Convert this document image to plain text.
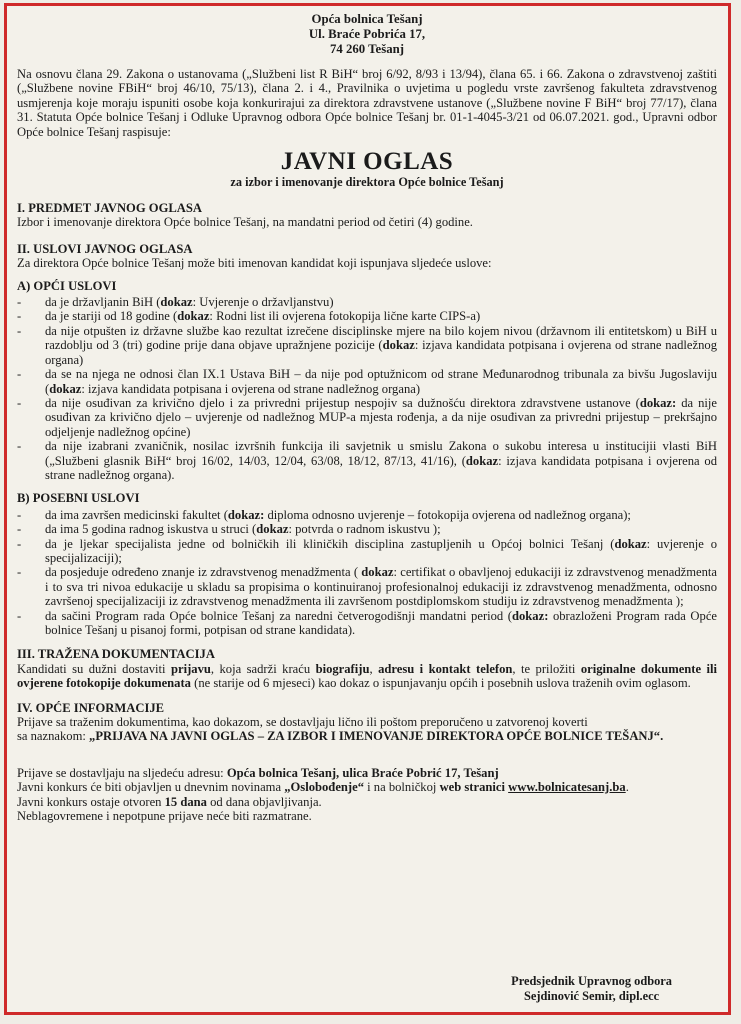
Opća bolnica Tešanj
Ul. Braće Pobrića 17,
74 260 Tešanj
Na osnovu člana 29. Zakona o ustanovama („Službeni list R BiH“ broj 6/92, 8/93 i 13/94), člana 65. i 66. Zakona o zdravstvenoj zaštiti („Službene novine FBiH“ broj 46/10, 75/13), člana 2. i 4., Pravilnika o uvjetima u pogledu vrste završenog fakulteta zdravstvenog usmjerenja koje moraju ispuniti osobe koja konkurirajui za direktora zdravstvene ustanove („Službene novine F BiH“ broj 77/17), člana 31. Statuta Opće bolnice Tešanj i Odluke Upravnog odbora Opće bolnice Tešanj br. 01-1-4045-3/21 od 06.07.2021. god., Upravni odbor Opće bolnice Tešanj raspisuje:
JAVNI OGLAS
za izbor i imenovanje direktora Opće bolnice Tešanj
I. PREDMET JAVNOG OGLASA
Izbor i imenovanje direktora Opće bolnice Tešanj, na mandatni period od četiri (4) godine.
II. USLOVI JAVNOG OGLASA
Za direktora Opće bolnice Tešanj može biti imenovan kandidat koji ispunjava sljedeće uslove:
A) OPĆI USLOVI
- da je državljanin BiH (dokaz: Uvjerenje o državljanstvu)
- da je stariji od 18 godine (dokaz: Rodni list ili ovjerena fotokopija lične karte CIPS-a)
- da nije otpušten iz državne službe kao rezultat izrečene disciplinske mjere na bilo kojem nivou (državnom ili entitetskom) u BiH u razdoblju od 3 (tri) godine prije dana objave upražnjene pozicije (dokaz: izjava kandidata potpisana i ovjerena od strane nadležnog organa)
- da se na njega ne odnosi član IX.1 Ustava BiH – da nije pod optužnicom od strane Međunarodnog tribunala za bivšu Jugoslaviju (dokaz: izjava kandidata potpisana i ovjerena od strane nadležnog organa)
- da nije osuđivan za krivično djelo i za privredni prijestup nespojiv sa dužnošću direktora zdravstvene ustanove (dokaz: da nije osuđivan za krivično djelo – uvjerenje od nadležnog MUP-a mjesta rođenja, a da nije osuđivan za privredni prijestup – prekršajno odjeljenje nadležnog općine)
- da nije izabrani zvaničnik, nosilac izvršnih funkcija ili savjetnik u smislu Zakona o sukobu interesa u institucijii vlasti BiH („Službeni glasnik BiH“ broj 16/02, 14/03, 12/04, 63/08, 18/12, 87/13, 41/16), (dokaz: izjava kandidata potpisana i ovjerena od strane nadležnog organa).
B) POSEBNI USLOVI
- da ima završen medicinski fakultet (dokaz: diploma odnosno uvjerenje – fotokopija ovjerena od nadležnog organa);
- da ima 5 godina radnog iskustva u struci (dokaz: potvrda o radnom iskustvu );
- da je ljekar specijalista jedne od bolničkih ili kliničkih disciplina zastupljenih u Općoj bolnici Tešanj (dokaz: uvjerenje o specijalizaciji);
- da posjeduje određeno znanje iz zdravstvenog menadžmenta ( dokaz: certifikat o obavljenoj edukaciji iz zdravstvenog menadžmenta i to sva tri nivoa edukacije u skladu sa propisima o kontinuiranoj profesionalnoj edukaciji iz zdravstvenog menadžmenta, odnosno završenoj specijalizaciji iz zdravstvenog menadžmenta ili završenom postdiplomskom studiju iz zdravstvenog menadžmenta );
- da sačini Program rada Opće bolnice Tešanj za naredni četverogodišnji mandatni period (dokaz: obrazloženi Program rada Opće bolnice Tešanj u pisanoj formi, potpisan od strane kandidata).
III. TRAŽENA DOKUMENTACIJA
Kandidati su dužni dostaviti prijavu, koja sadrži kraću biografiju, adresu i kontakt telefon, te priložiti originalne dokumente ili ovjerene fotokopije dokumenata (ne starije od 6 mjeseci) kao dokaz o ispunjavanju općih i posebnih uslova traženih ovim oglasom.
IV. OPĆE INFORMACIJE
Prijave sa traženim dokumentima, kao dokazom, se dostavljaju lično ili poštom preporučeno u zatvorenoj koverti
sa naznakom: „PRIJAVA NA JAVNI OGLAS – ZA IZBOR I IMENOVANJE DIREKTORA OPĆE BOLNICE TEŠANJ“.
Prijave se dostavljaju na sljedeću adresu: Opća bolnica Tešanj, ulica Braće Pobrić 17, Tešanj
Javni konkurs će biti objavljen u dnevnim novinama „Oslobođenje“ i na bolničkoj web stranici www.bolnicatesanj.ba.
Javni konkurs ostaje otvoren 15 dana od dana objavljivanja.
Neblagovremene i nepotpune prijave neće biti razmatrane.
Predsjednik Upravnog odbora
Sejdinović Semir, dipl.ecc
